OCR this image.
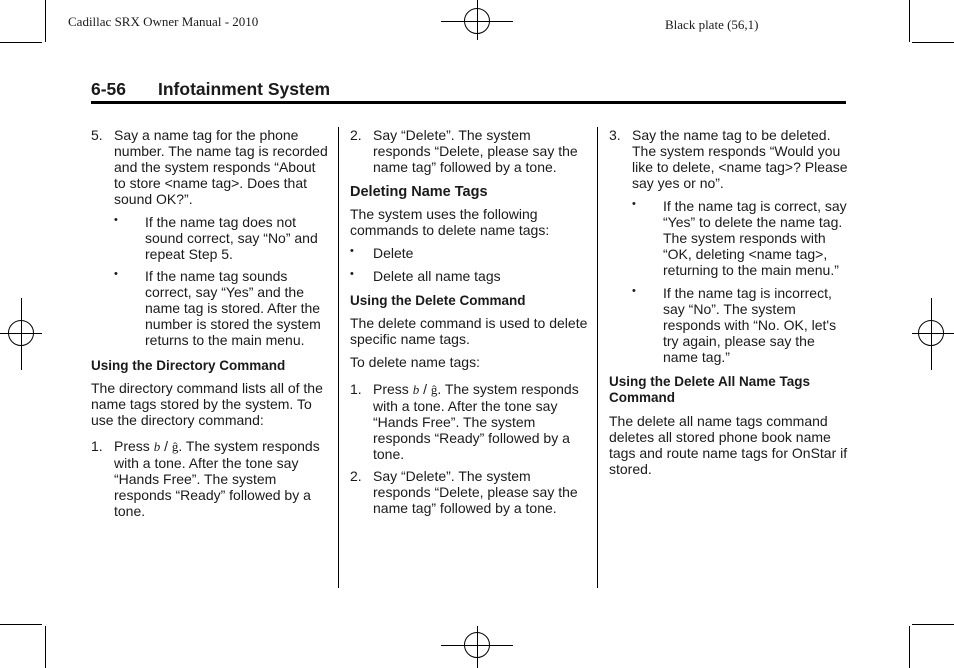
Cadillac SRX Owner Manual - 2010	Black plate (56,1)
6-56 Infotainment System
5. Say a name tag for the phone number. The name tag is recorded and the system responds “About to store <name tag>. Does that sound OK?”.

• If the name tag does not sound correct, say “No” and repeat Step 5.

• If the name tag sounds correct, say “Yes” and the name tag is stored. After the number is stored the system returns to the main menu.

Using the Directory Command

The directory command lists all of the name tags stored by the system. To use the directory command:

1. Press b / ĝ. The system responds with a tone. After the tone say “Hands Free”. The system responds “Ready” followed by a tone.

2. Say “Delete”. The system responds “Delete, please say the name tag” followed by a tone.

Deleting Name Tags

The system uses the following commands to delete name tags:

• Delete

• Delete all name tags

Using the Delete Command

The delete command is used to delete specific name tags.

To delete name tags:

1. Press b / ĝ. The system responds with a tone. After the tone say “Hands Free”. The system responds “Ready” followed by a tone.

2. Say “Delete”. The system responds “Delete, please say the name tag” followed by a tone.

3. Say the name tag to be deleted. The system responds “Would you like to delete, <name tag>? Please say yes or no”.

• If the name tag is correct, say “Yes” to delete the name tag. The system responds with “OK, deleting <name tag>, returning to the main menu.”

• If the name tag is incorrect, say “No”. The system responds with “No. OK, let's try again, please say the name tag.”

Using the Delete All Name Tags Command

The delete all name tags command deletes all stored phone book name tags and route name tags for OnStar if stored.
